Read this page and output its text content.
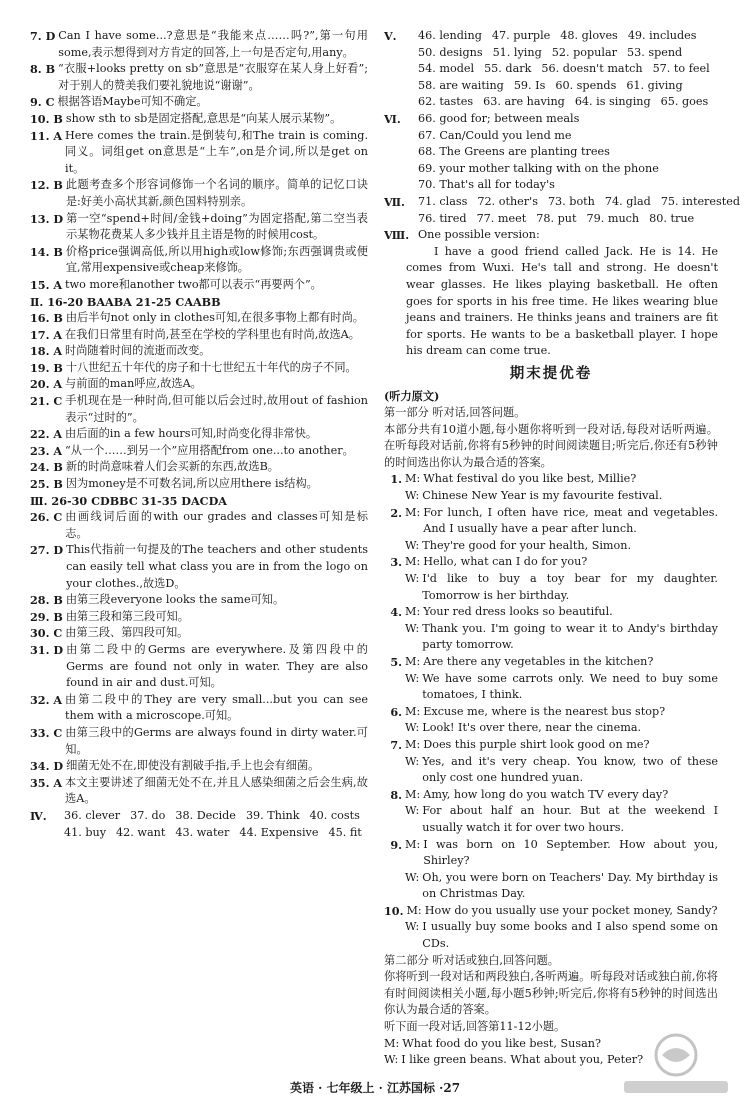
7. D Can I have some...?意思是“我能来点……吗?”,第一句用some,表示想得到对方肯定的回答,上一句是否定句,用any。
8. B “衣服+looks pretty on sb”意思是“衣服穿在某人身上好看”;对于别人的赞美我们要礼貌地说“谢谢”。
9. C 根据答语Maybe可知不确定。
10. B show sth to sb是固定搭配,意思是“向某人展示某物”。
11. A Here comes the train.是倒装句,和The train is coming.同义。词组get on意思是“上车”,on是介词,所以是get on it。
12. B 此题考查多个形容词修饰一个名词的顺序。简单的记忆口诀是:好美小高状其新,颜色国料特别亲。
13. D 第一空“spend+时间/金钱+doing”为固定搭配,第二空当表示某物花费某人多少钱并且主语是物的时候用cost。
14. B 价格price强调高低,所以用high或low修饰;东西强调贵或便宜,常用expensive或cheap来修饰。
15. A two more和another two都可以表示“再要两个”。
Ⅱ. 16-20 BAABA 21-25 CAABB
16. B 由后半句not only in clothes可知,在很多事物上都有时尚。
17. A 在我们日常里有时尚,甚至在学校的学科里也有时尚,故选A。
18. A 时尚随着时间的流逝而改变。
19. B 十八世纪五十年代的房子和十七世纪五十年代的房子不同。
20. A 与前面的man呼应,故选A。
21. C 手机现在是一种时尚,但可能以后会过时,故用out of fashion表示“过时的”。
22. A 由后面的in a few hours可知,时尚变化得非常快。
23. A “从一个……到另一个”应用搭配from one...to another。
24. B 新的时尚意味着人们会买新的东西,故选B。
25. B 因为money是不可数名词,所以应用there is结构。
Ⅲ. 26-30 CDBBC 31-35 DACDA
26. C 由画线词后面的with our grades and classes可知是标志。
27. D This代指前一句提及的The teachers and other students can easily tell what class you are in from the logo on your clothes.,故选D。
28. B 由第三段everyone looks the same可知。
29. B 由第三段和第三段可知。
30. C 由第三段、第四段可知。
31. D 由第二段中的Germs are everywhere.及第四段中的Germs are found not only in water. They are also found in air and dust.可知。
32. A 由第二段中的They are very small...but you can see them with a microscope.可知。
33. C 由第三段中的Germs are always found in dirty water.可知。
34. D 细菌无处不在,即使没有割破手指,手上也会有细菌。
35. A 本文主要讲述了细菌无处不在,并且人感染细菌之后会生病,故选A。
Ⅳ.	36. clever 37. do 38. Decide 39. Think 40. costs
41. buy 42. want 43. water 44. Expensive 45. fit
Ⅴ.	46. lending 47. purple 48. gloves 49. includes
50. designs 51. lying 52. popular 53. spend
54. model 55. dark 56. doesn't match 57. to feel
58. are waiting 59. Is 60. spends 61. giving
62. tastes 63. are having 64. is singing 65. goes
Ⅵ.	66. good for; between meals
67. Can/Could you lend me
68. The Greens are planting trees
69. your mother talking with on the phone
70. That's all for today's
Ⅶ.	71. class 72. other's 73. both 74. glad 75. interested
76. tired 77. meet 78. put 79. much 80. true
Ⅷ. One possible version:
I have a good friend called Jack. He is 14. He comes from Wuxi. He's tall and strong. He doesn't wear glasses. He likes playing basketball. He often goes for sports in his free time. He likes wearing blue jeans and trainers. He thinks jeans and trainers are fit for sports. He wants to be a basketball player. I hope his dream can come true.
期末提优卷
(听力原文)
第一部分 听对话,回答问题。
本部分共有10道小题,每小题你将听到一段对话,每段对话听两遍。在听每段对话前,你将有5秒钟的时间阅读题目;听完后,你还有5秒钟的时间选出你认为最合适的答案。
1. M: What festival do you like best, Millie?
W: Chinese New Year is my favourite festival.
2. M: For lunch, I often have rice, meat and vegetables. And I usually have a pear after lunch.
W: They're good for your health, Simon.
3. M: Hello, what can I do for you?
W: I'd like to buy a toy bear for my daughter. Tomorrow is her birthday.
4. M: Your red dress looks so beautiful.
W: Thank you. I'm going to wear it to Andy's birthday party tomorrow.
5. M: Are there any vegetables in the kitchen?
W: We have some carrots only. We need to buy some tomatoes, I think.
6. M: Excuse me, where is the nearest bus stop?
W: Look! It's over there, near the cinema.
7. M: Does this purple shirt look good on me?
W: Yes, and it's very cheap. You know, two of these only cost one hundred yuan.
8. M: Amy, how long do you watch TV every day?
W: For about half an hour. But at the weekend I usually watch it for over two hours.
9. M: I was born on 10 September. How about you, Shirley?
W: Oh, you were born on Teachers' Day. My birthday is on Christmas Day.
10. M: How do you usually use your pocket money, Sandy?
W: I usually buy some books and I also spend some on CDs.
第二部分 听对话或独白,回答问题。
你将听到一段对话和两段独白,各听两遍。听每段对话或独白前,你将有时间阅读相关小题,每小题5秒钟;听完后,你将有5秒钟的时间选出你认为最合适的答案。
听下面一段对话,回答第11-12小题。
M: What food do you like best, Susan?
W: I like green beans. What about you, Peter?
英语 · 七年级上 · 江苏国标 ·27
